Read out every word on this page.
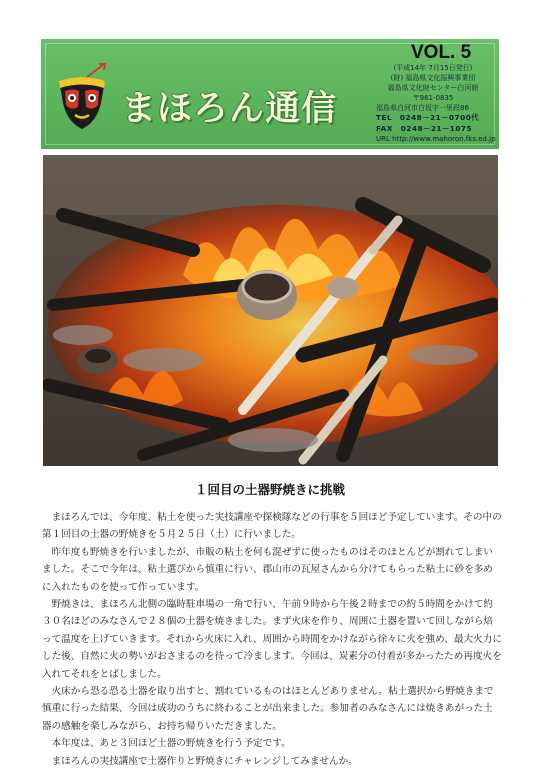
まほろん通信
VOL. 5
(平成14年 7月15日発行)
(財) 福島県文化振興事業団
福島県文化財センター白河館
〒961-0835
福島県白河市白坂字一里段86
TEL　0248－21－0700代
FAX　0248－21－1075
URL http://www.mahoron.fks.ed.jp
１回目の土器野焼きに挑戦

まほろんでは、今年度、粘土を使った実技講座や探検隊などの行事を５回ほど予定しています。その中の第１回目の土器の野焼きを５月２５日（土）に行いました。

昨年度も野焼きを行いましたが、市販の粘土を何も混ぜずに使ったものはそのほとんどが割れてしまいました。そこで今年は、粘土選びから慎重に行い、郡山市の瓦屋さんから分けてもらった粘土に砂を多めに入れたものを使って作っています。

野焼きは、まほろん北側の臨時駐車場の一角で行い、午前９時から午後２時までの約５時間をかけて約３０名ほどのみなさんで２８個の土器を焼きました。まず火床を作り、周囲に土器を置いて回しながら焙って温度を上げていきます。それから火床に入れ、周囲から時間をかけながら徐々に火を強め、最大火力にした後、自然に火の勢いがおさまるのを待って冷まします。今回は、炭素分の付着が多かったため再度火を入れてそれをとばしました。

火床から恐る恐る土器を取り出すと、割れているものはほとんどありません。粘土選択から野焼きまで慎重に行った結果、今回は成功のうちに終わることが出来ました。参加者のみなさんには焼きあがった土器の感触を楽しみながら、お持ち帰りいただきました。

本年度は、あと３回ほど土器の野焼きを行う予定です。

まほろんの実技講座で土器作りと野焼きにチャレンジしてみませんか。
